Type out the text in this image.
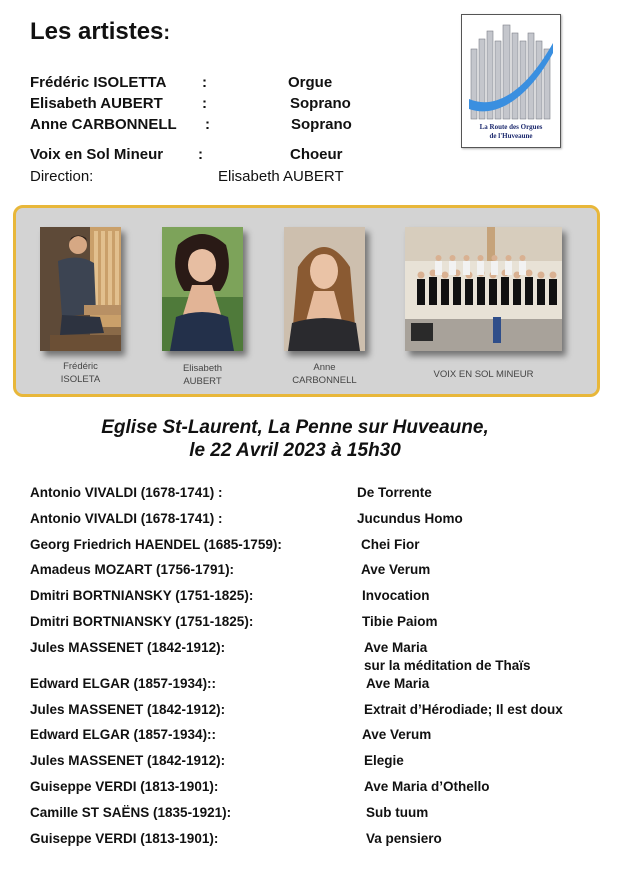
Les artistes:
Frédéric ISOLETTA :	Orgue
Elisabeth AUBERT	:	Soprano
Anne CARBONNELL :	Soprano
Voix en Sol Mineur :	Choeur
Direction:	Elisabeth AUBERT
La Route des Orgues
de l'Huveaune
Frédéric
ISOLETA
Elisabeth
AUBERT
Anne
CARBONNELL
VOIX EN SOL MINEUR
Eglise St-Laurent, La Penne sur Huveaune,
le 22 Avril 2023 à 15h30
Antonio VIVALDI (1678-1741) :	De Torrente
Antonio VIVALDI (1678-1741) :	Jucundus Homo
Georg Friedrich HAENDEL (1685-1759):	Chei Fior
Amadeus MOZART (1756-1791):	Ave Verum
Dmitri BORTNIANSKY (1751-1825):	Invocation
Dmitri BORTNIANSKY (1751-1825):	Tibie Paiom
Jules MASSENET (1842-1912):	Ave Maria
sur la méditation de Thaïs
Edward ELGAR (1857-1934)::	Ave Maria
Jules MASSENET (1842-1912):	Extrait d’Hérodiade; Il est doux
Edward ELGAR (1857-1934)::	Ave Verum
Jules MASSENET (1842-1912):	Elegie
Guiseppe VERDI (1813-1901):	Ave Maria d’Othello
Camille ST SAËNS (1835-1921):	Sub tuum
Guiseppe VERDI (1813-1901):	Va pensiero
